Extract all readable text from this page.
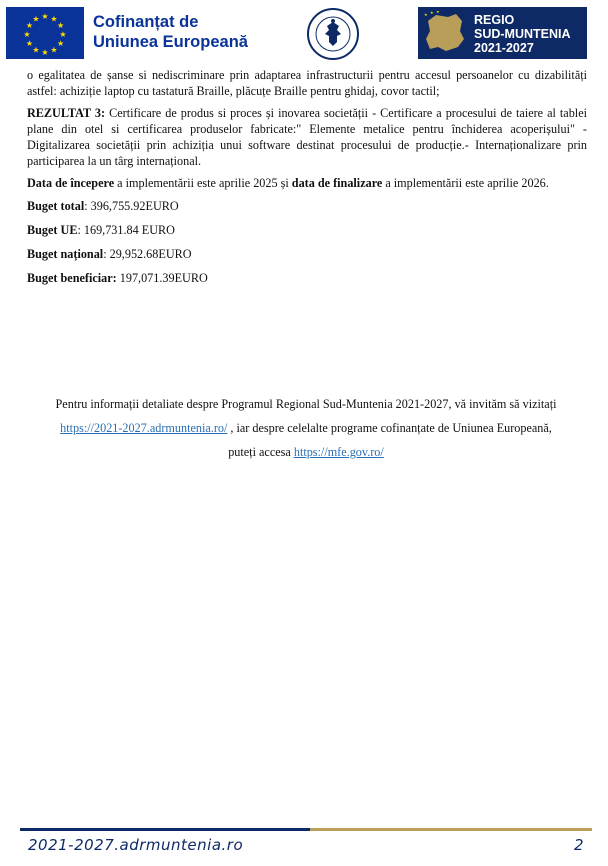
★ ★
★
★
★
★
★
★
★
★
★
★	Cofinanțat de
Uniunea Europeană
★ ★ ★
REGIO
SUD-MUNTENIA
2021-2027

o egalitatea de șanse si nediscriminare prin adaptarea infrastructurii pentru accesul persoanelor cu dizabilități astfel: achiziție laptop cu tastatură Braille, plăcuțe Braille pentru ghidaj, covor tactil;

REZULTAT 3: Certificare de produs si proces și inovarea societății - Certificare a procesului de taiere al tablei plane din otel si certificarea produselor fabricate:" Elemente metalice pentru închiderea acoperișului" - Digitalizarea societății prin achiziția unui software destinat procesului de producție.- Internaționalizare prin participarea la un târg internațional.

Data de începere a implementării este aprilie 2025 și data de finalizare a implementării este aprilie 2026.

Buget total: 396,755.92EURO
Buget UE: 169,731.84 EURO
Buget național: 29,952.68EURO
Buget beneficiar: 197,071.39EURO
Pentru informații detaliate despre Programul Regional Sud-Muntenia 2021-2027, vă invităm să vizitați
https://2021-2027.adrmuntenia.ro/ , iar despre celelalte programe cofinanțate de Uniunea Europeană,
puteți accesa https://mfe.gov.ro/
2021-2027.adrmuntenia.ro	2
